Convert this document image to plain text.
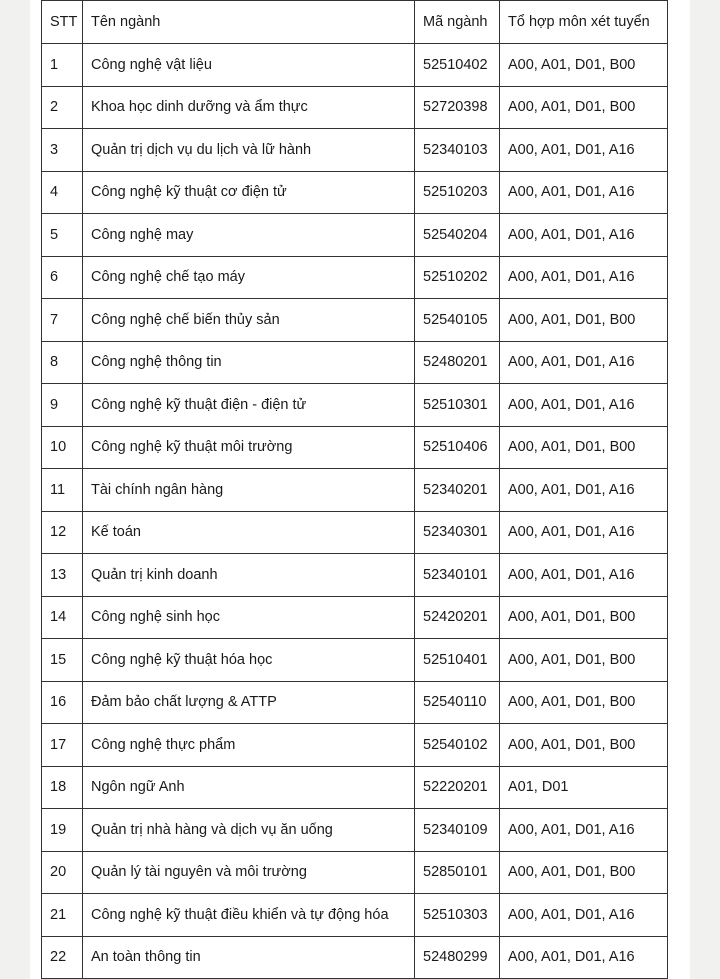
STT	Tên ngành	Mã ngành	Tổ hợp môn xét tuyển
1	Công nghệ vật liệu	52510402	A00, A01, D01, B00
2	Khoa học dinh dưỡng và ẩm thực	52720398	A00, A01, D01, B00
3	Quản trị dịch vụ du lịch và lữ hành	52340103	A00, A01, D01, A16
4	Công nghệ kỹ thuật cơ điện tử	52510203	A00, A01, D01, A16
5	Công nghệ may	52540204	A00, A01, D01, A16
6	Công nghệ chế tạo máy	52510202	A00, A01, D01, A16
7	Công nghệ chế biến thủy sản	52540105	A00, A01, D01, B00
8	Công nghệ thông tin	52480201	A00, A01, D01, A16
9	Công nghệ kỹ thuật điện - điện tử	52510301	A00, A01, D01, A16
10	Công nghệ kỹ thuật môi trường	52510406	A00, A01, D01, B00
11	Tài chính ngân hàng	52340201	A00, A01, D01, A16
12	Kế toán	52340301	A00, A01, D01, A16
13	Quản trị kinh doanh	52340101	A00, A01, D01, A16
14	Công nghệ sinh học	52420201	A00, A01, D01, B00
15	Công nghệ kỹ thuật hóa học	52510401	A00, A01, D01, B00
16	Đảm bảo chất lượng & ATTP	52540110	A00, A01, D01, B00
17	Công nghệ thực phẩm	52540102	A00, A01, D01, B00
18	Ngôn ngữ Anh	52220201	A01, D01
19	Quản trị nhà hàng và dịch vụ ăn uống	52340109	A00, A01, D01, A16
20	Quản lý tài nguyên và môi trường	52850101	A00, A01, D01, B00
21	Công nghệ kỹ thuật điều khiển và tự động hóa	52510303	A00, A01, D01, A16
22	An toàn thông tin	52480299	A00, A01, D01, A16
